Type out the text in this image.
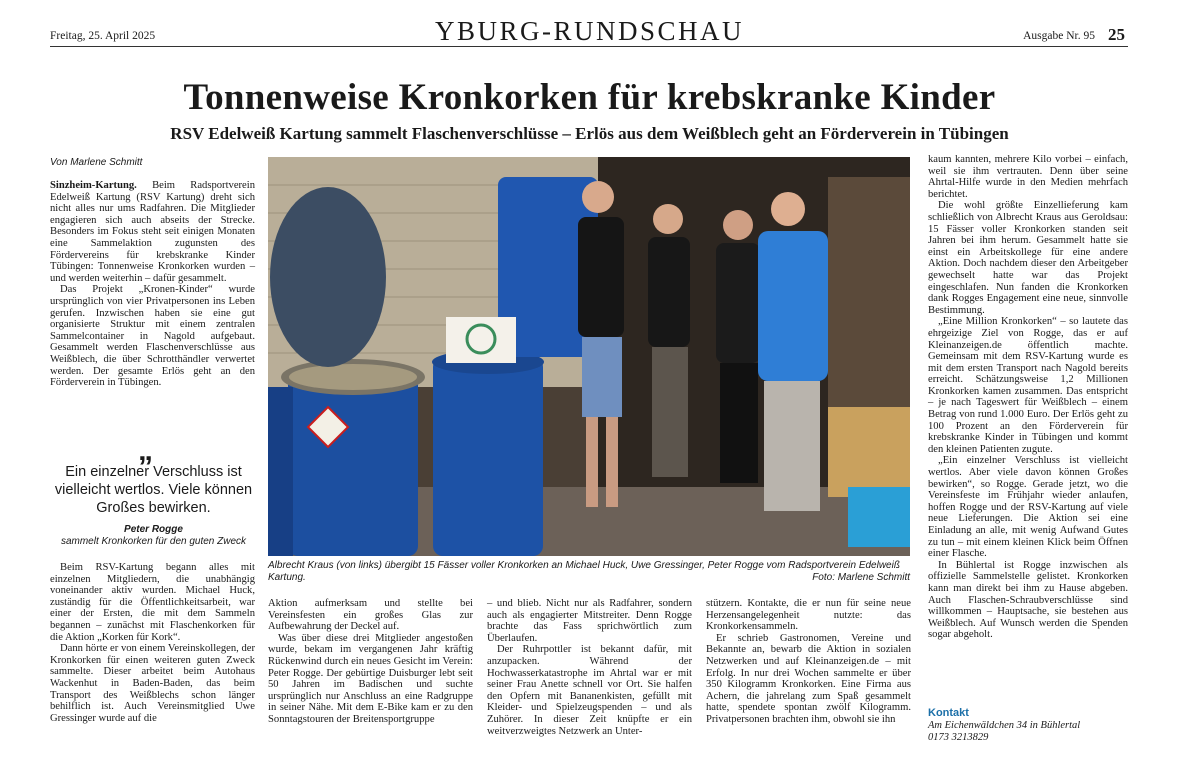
Freitag, 25. April 2025	YBURG-RUNDSCHAU	Ausgabe Nr. 95 25
Tonnenweise Kronkorken für krebskranke Kinder
RSV Edelweiß Kartung sammelt Flaschenverschlüsse – Erlös aus dem Weißblech geht an Förderverein in Tübingen
Von Marlene Schmitt

Sinzheim-Kartung. Beim Radsportverein Edelweiß Kartung (RSV Kartung) dreht sich nicht alles nur ums Radfahren. Die Mitglieder engagieren sich auch abseits der Strecke. Besonders im Fokus steht seit einigen Monaten eine Sammelaktion zugunsten des Fördervereins für krebskranke Kinder Tübingen: Tonnenweise Kronkorken wurden – und werden weiterhin – dafür gesammelt.

Das Projekt „Kronen-Kinder“ wurde ursprünglich von vier Privatpersonen ins Leben gerufen. Inzwischen haben sie eine gut organisierte Struktur mit einem zentralen Sammelcontainer in Nagold aufgebaut. Gesammelt werden Flaschenverschlüsse aus Weißblech, die über Schrotthändler verwertet werden. Der gesamte Erlös geht an den Förderverein in Tübingen.

„
Ein einzelner Verschluss ist vielleicht wertlos. Viele können Großes bewirken.
Peter Rogge
sammelt Kronkorken für den guten Zweck

Beim RSV-Kartung begann alles mit einzelnen Mitgliedern, die unabhängig voneinander aktiv wurden. Michael Huck, zuständig für die Öffentlichkeitsarbeit, war einer der Ersten, die mit dem Sammeln begannen – zunächst mit Flaschenkorken für die Aktion „Korken für Kork“.

Dann hörte er von einem Vereinskollegen, der Kronkorken für einen weiteren guten Zweck sammelte. Dieser arbeitet beim Autohaus Wackenhut in Baden-Baden, das beim Transport des Weißblechs schon länger behilflich ist. Auch Vereinsmitglied Uwe Gressinger wurde auf die

Albrecht Kraus (von links) übergibt 15 Fässer voller Kronkorken an Michael Huck, Uwe Gressinger, Peter Rogge vom Radsportverein Edelweiß Kartung.	Foto: Marlene Schmitt

Aktion aufmerksam und stellte bei Vereinsfesten ein großes Glas zur Aufbewahrung der Deckel auf.

Was über diese drei Mitglieder angestoßen wurde, bekam im vergangenen Jahr kräftig Rückenwind durch ein neues Gesicht im Verein: Peter Rogge. Der gebürtige Duisburger lebt seit 50 Jahren im Badischen und suchte ursprünglich nur Anschluss an eine Radgruppe in seiner Nähe. Mit dem E-Bike kam er zu den Sonntagstouren der Breitensportgruppe

– und blieb. Nicht nur als Radfahrer, sondern auch als engagierter Mitstreiter. Denn Rogge brachte das Fass sprichwörtlich zum Überlaufen.

Der Ruhrpottler ist bekannt dafür, mit anzupacken. Während der Hochwasserkatastrophe im Ahrtal war er mit seiner Frau Anette schnell vor Ort. Sie halfen den Opfern mit Bananenkisten, gefüllt mit Kleider- und Spielzeugspenden – und als Zuhörer. In dieser Zeit knüpfte er ein weitverzweigtes Netzwerk an Unter-

stützern. Kontakte, die er nun für seine neue Herzensangelegenheit nutzte: das Kronkorkensammeln.

Er schrieb Gastronomen, Vereine und Bekannte an, bewarb die Aktion in sozialen Netzwerken und auf Kleinanzeigen.de – mit Erfolg. In nur drei Wochen sammelte er über 350 Kilogramm Kronkorken. Eine Firma aus Achern, die jahrelang zum Spaß gesammelt hatte, spendete spontan zwölf Kilogramm. Privatpersonen brachten ihm, obwohl sie ihn

kaum kannten, mehrere Kilo vorbei – einfach, weil sie ihm vertrauten. Denn über seine Ahrtal-Hilfe wurde in den Medien mehrfach berichtet.

Die wohl größte Einzellieferung kam schließlich von Albrecht Kraus aus Geroldsau: 15 Fässer voller Kronkorken standen seit Jahren bei ihm herum. Gesammelt hatte sie einst ein Arbeitskollege für eine andere Aktion. Doch nachdem dieser den Arbeitgeber gewechselt hatte war das Projekt eingeschlafen. Nun fanden die Kronkorken dank Rogges Engagement eine neue, sinnvolle Bestimmung.

„Eine Million Kronkorken“ – so lautete das ehrgeizige Ziel von Rogge, das er auf Kleinanzeigen.de öffentlich machte. Gemeinsam mit dem RSV-Kartung wurde es mit dem ersten Transport nach Nagold bereits erreicht. Schätzungsweise 1,2 Millionen Kronkorken kamen zusammen. Das entspricht – je nach Tageswert für Weißblech – einem Betrag von rund 1.000 Euro. Der Erlös geht zu 100 Prozent an den Förderverein für krebskranke Kinder in Tübingen und kommt den kleinen Patienten zugute.

„Ein einzelner Verschluss ist vielleicht wertlos. Aber viele davon können Großes bewirken“, so Rogge. Gerade jetzt, wo die Vereinsfeste im Frühjahr wieder anlaufen, hoffen Rogge und der RSV-Kartung auf viele neue Lieferungen. Die Aktion sei eine Einladung an alle, mit wenig Aufwand Gutes zu tun – mit einem kleinen Klick beim Öffnen einer Flasche.

In Bühlertal ist Rogge inzwischen als offizielle Sammelstelle gelistet. Kronkorken kann man direkt bei ihm zu Hause abgeben. Auch Flaschen-Schraubverschlüsse sind willkommen – Hauptsache, sie bestehen aus Weißblech. Auf Wunsch werden die Spenden sogar abgeholt.

Kontakt
Am Eichenwäldchen 34 in Bühlertal
0173 3213829
